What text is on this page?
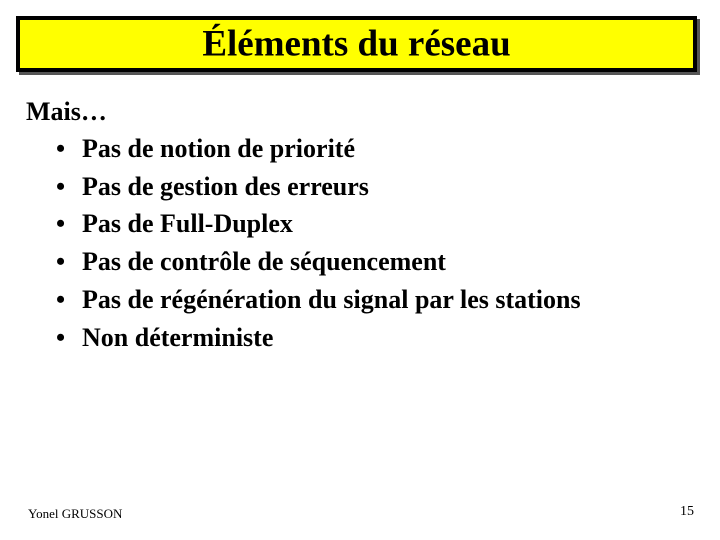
Éléments du réseau
Mais…
• Pas de notion de priorité
• Pas de gestion des erreurs
• Pas de Full-Duplex
• Pas de contrôle de séquencement
• Pas de régénération du signal par les stations
• Non déterministe
Yonel GRUSSON	15
